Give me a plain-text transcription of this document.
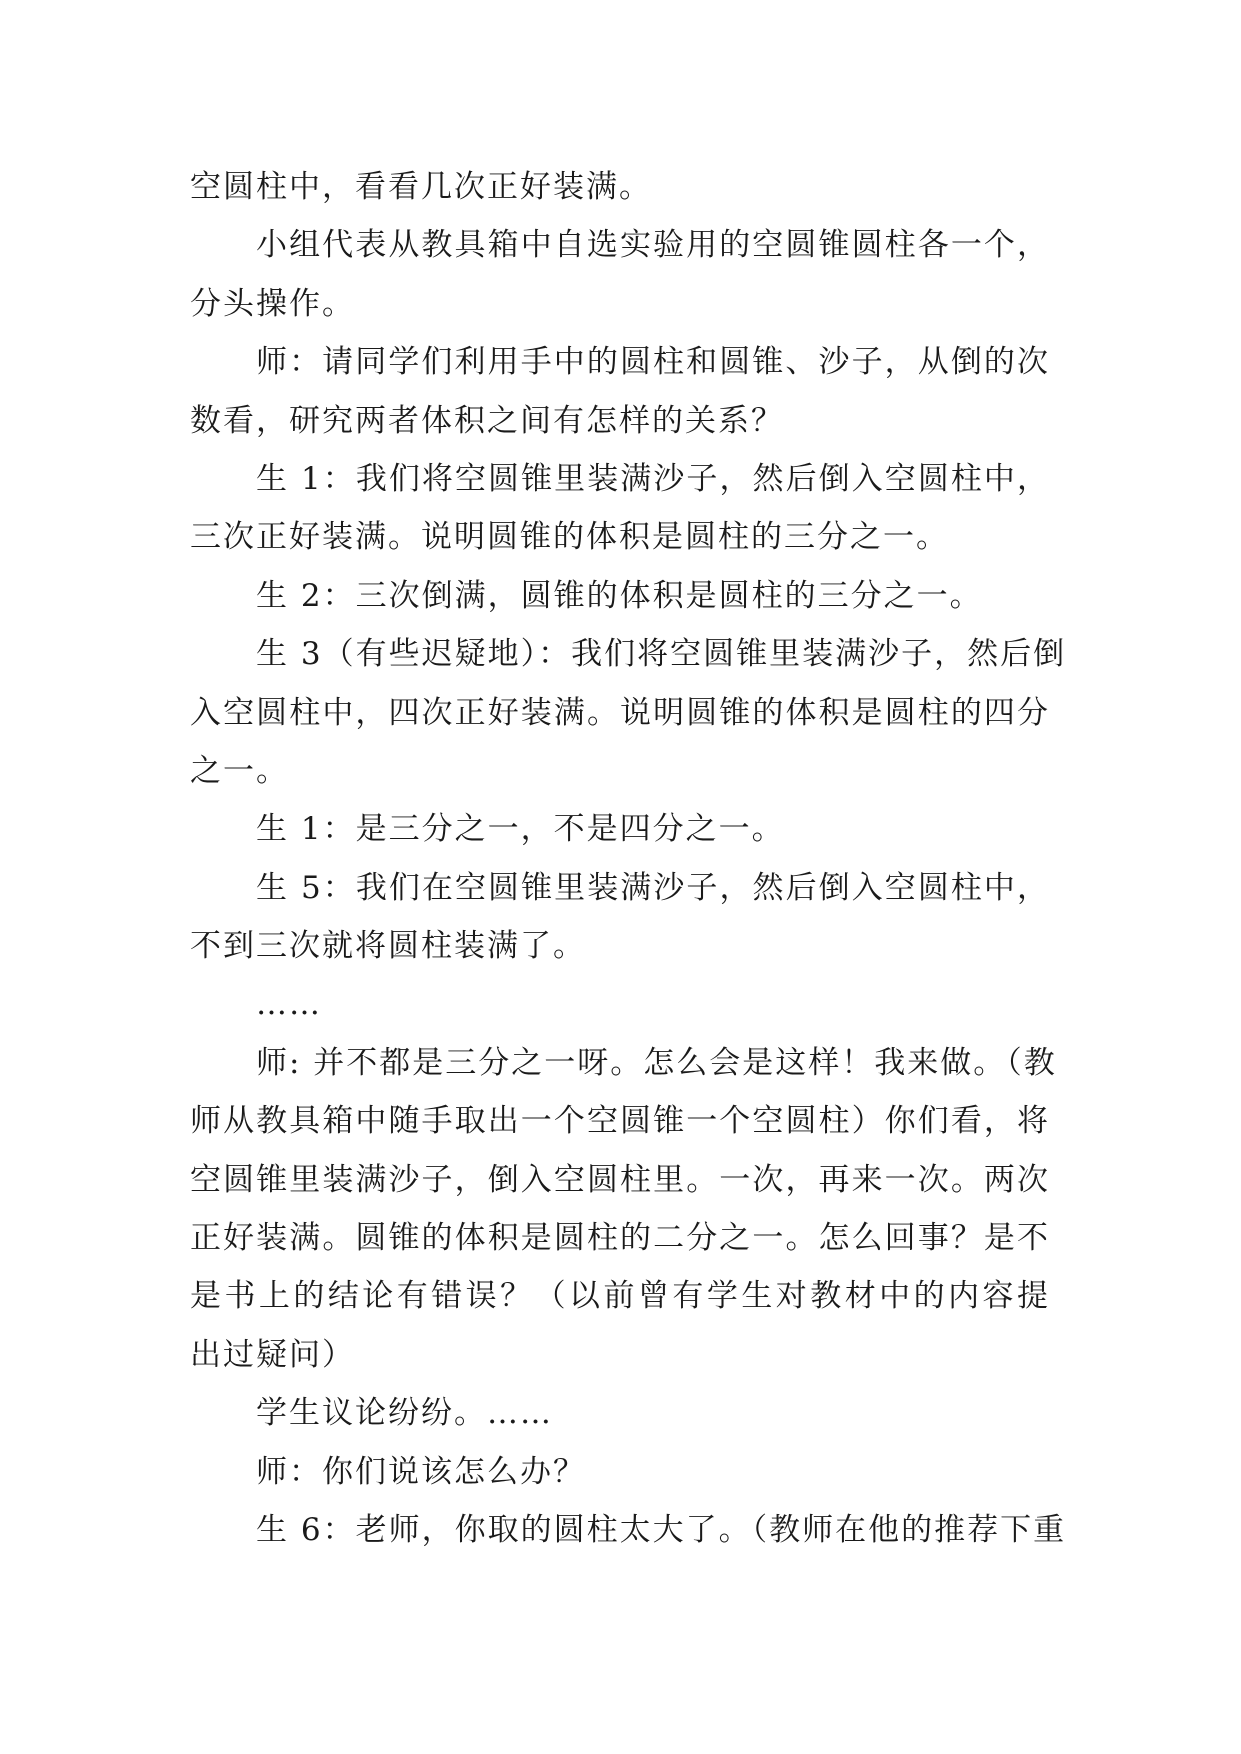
空圆柱中，看看几次正好装满。
小组代表从教具箱中自选实验用的空圆锥圆柱各一个，
分头操作。
师：请同学们利用手中的圆柱和圆锥、沙子，从倒的次
数看，研究两者体积之间有怎样的关系？
生 1：我们将空圆锥里装满沙子，然后倒入空圆柱中，
三次正好装满。说明圆锥的体积是圆柱的三分之一。
生 2：三次倒满，圆锥的体积是圆柱的三分之一。
生 3（有些迟疑地）：我们将空圆锥里装满沙子，然后倒
入空圆柱中，四次正好装满。说明圆锥的体积是圆柱的四分
之一。
生 1：是三分之一，不是四分之一。
生 5：我们在空圆锥里装满沙子，然后倒入空圆柱中，
不到三次就将圆柱装满了。
……
师: 并不都是三分之一呀。怎么会是这样！我来做。（教
师从教具箱中随手取出一个空圆锥一个空圆柱）你们看，将
空圆锥里装满沙子，倒入空圆柱里。一次，再来一次。两次
正好装满。圆锥的体积是圆柱的二分之一。怎么回事？是不
是书上的结论有错误？（以前曾有学生对教材中的内容提
出过疑问）
学生议论纷纷。……
师：你们说该怎么办？
生 6：老师，你取的圆柱太大了。（教师在他的推荐下重
